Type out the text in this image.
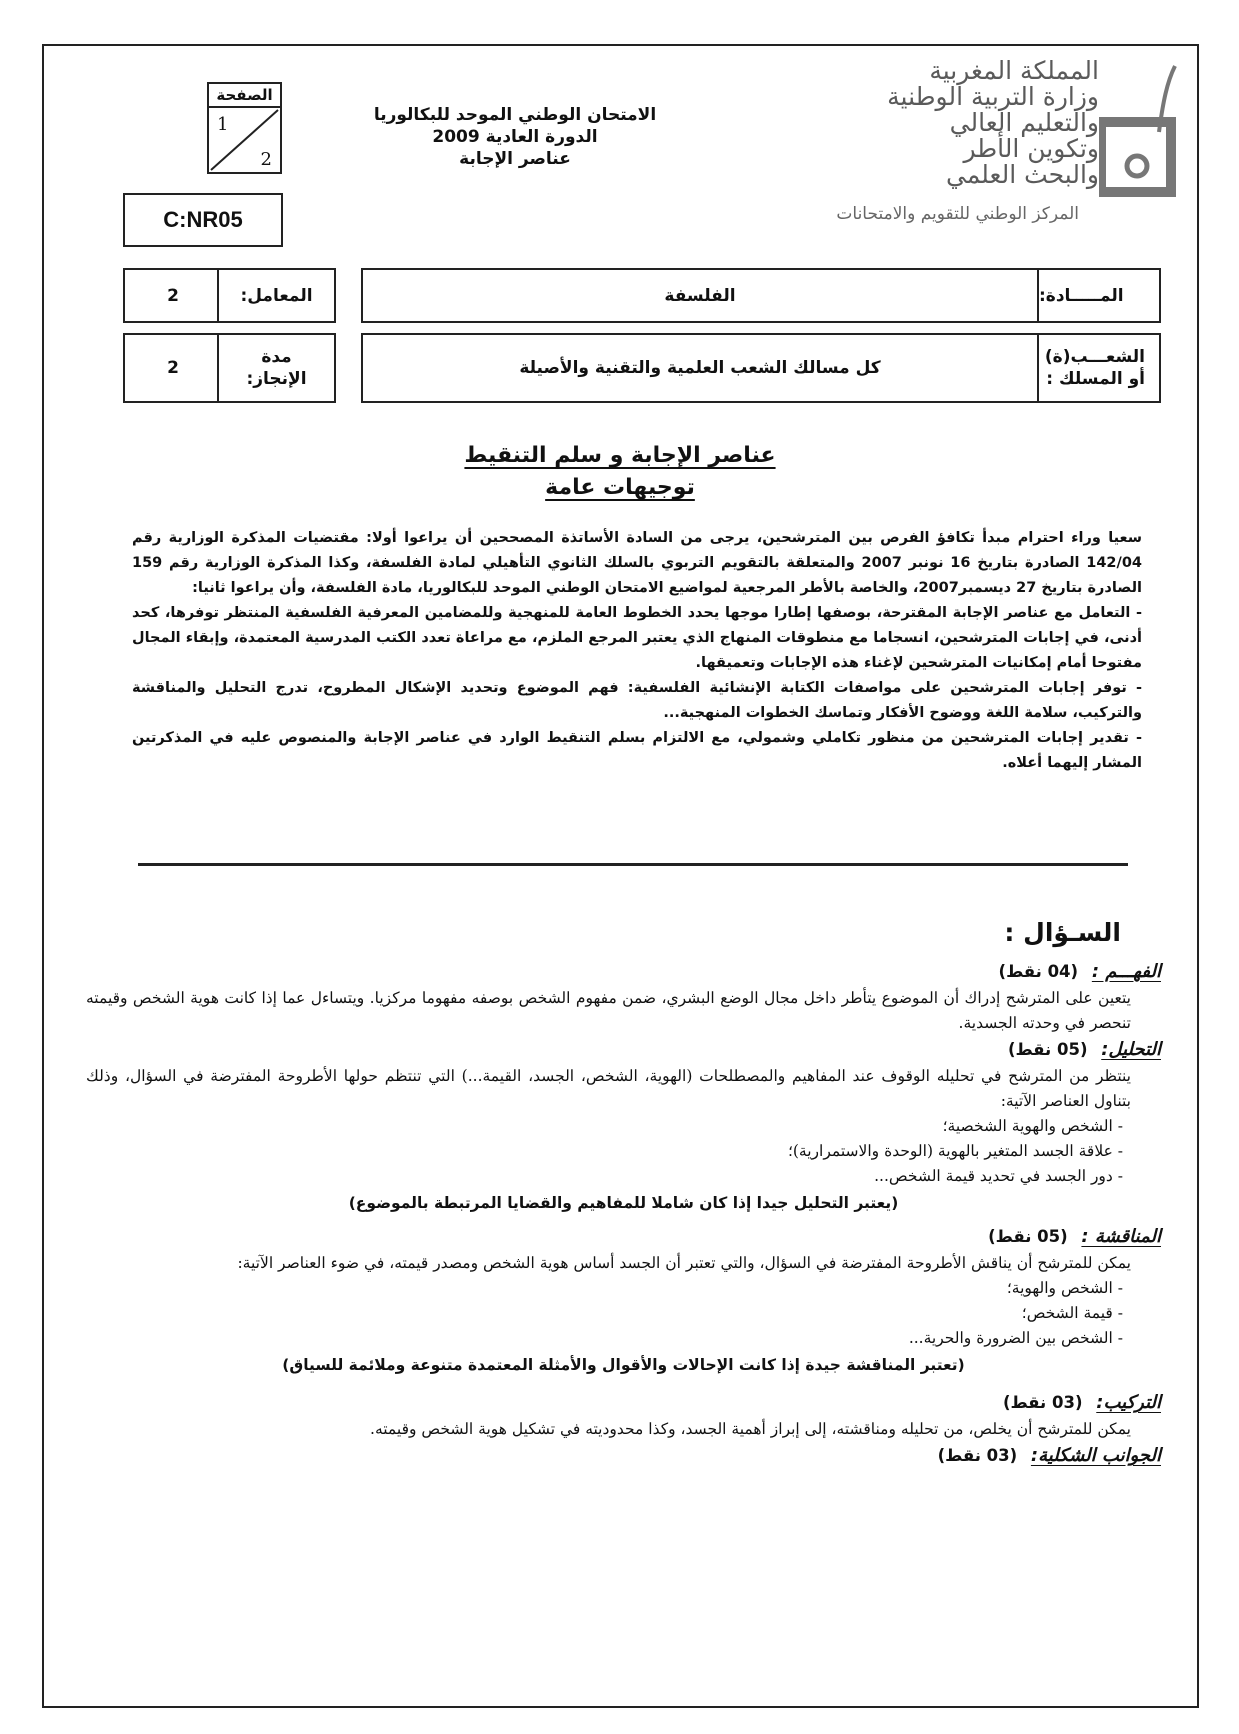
المملكة المغربية
وزارة التربية الوطنية
والتعليم العالي
وتكوين الأطر
والبحث العلمي
المركز الوطني للتقويم والامتحانات
الامتحان الوطني الموحد للبكالوريا
الدورة العادية 2009
عناصر الإجابة
الصفحة
1
2
C:NR05
المـــــادة:
الفلسفة
المعامل:
2
الشعـــب(ة)
أو المسلك :
كل مسالك الشعب العلمية والتقنية والأصيلة
مدة
الإنجاز:
2
عناصر الإجابة و سلم التنقيط
توجيهات عامة

سعيا وراء احترام مبدأ تكافؤ الفرص بين المترشحين، يرجى من السادة الأساتذة المصححين أن يراعوا أولا: مقتضيات المذكرة الوزارية رقم 142/04 الصادرة بتاريخ 16 نونبر 2007 والمتعلقة بالتقويم التربوي بالسلك الثانوي التأهيلي لمادة الفلسفة، وكذا المذكرة الوزارية رقم 159 الصادرة بتاريخ 27 ديسمبر2007، والخاصة بالأطر المرجعية لمواضيع الامتحان الوطني الموحد للبكالوريا، مادة الفلسفة، وأن يراعوا ثانيا:

- التعامل مع عناصر الإجابة المقترحة، بوصفها إطارا موجها يحدد الخطوط العامة للمنهجية وللمضامين المعرفية الفلسفية المنتظر توفرها، كحد أدنى، في إجابات المترشحين، انسجاما مع منطوقات المنهاج الذي يعتبر المرجع الملزم، مع مراعاة تعدد الكتب المدرسية المعتمدة، وإبقاء المجال مفتوحا أمام إمكانيات المترشحين لإغناء هذه الإجابات وتعميقها.

- توفر إجابات المترشحين على مواصفات الكتابة الإنشائية الفلسفية: فهم الموضوع وتحديد الإشكال المطروح، تدرج التحليل والمناقشة والتركيب، سلامة اللغة ووضوح الأفكار وتماسك الخطوات المنهجية...

- تقدير إجابات المترشحين من منظور تكاملي وشمولي، مع الالتزام بسلم التنقيط الوارد في عناصر الإجابة والمنصوص عليه في المذكرتين المشار إليهما أعلاه.

السـؤال :
الفهـــم : (04 نقط)
يتعين على المترشح إدراك أن الموضوع يتأطر داخل مجال الوضع البشري، ضمن مفهوم الشخص بوصفه مفهوما مركزيا. ويتساءل عما إذا كانت هوية الشخص وقيمته تنحصر في وحدته الجسدية.
التحليل: (05 نقط)
ينتظر من المترشح في تحليله الوقوف عند المفاهيم والمصطلحات (الهوية، الشخص، الجسد، القيمة...) التي تنتظم حولها الأطروحة المفترضة في السؤال، وذلك بتناول العناصر الآتية:
- الشخص والهوية الشخصية؛
- علاقة الجسد المتغير بالهوية (الوحدة والاستمرارية)؛
- دور الجسد في تحديد قيمة الشخص...
(يعتبر التحليل جيدا إذا كان شاملا للمفاهيم والقضايا المرتبطة بالموضوع)
المناقشة : (05 نقط)
يمكن للمترشح أن يناقش الأطروحة المفترضة في السؤال، والتي تعتبر أن الجسد أساس هوية الشخص ومصدر قيمته، في ضوء العناصر الآتية:
- الشخص والهوية؛
- قيمة الشخص؛
- الشخص بين الضرورة والحرية...
(تعتبر المناقشة جيدة إذا كانت الإحالات والأقوال والأمثلة المعتمدة متنوعة وملائمة للسياق)
التركيب: (03 نقط)
يمكن للمترشح أن يخلص، من تحليله ومناقشته، إلى إبراز أهمية الجسد، وكذا محدوديته في تشكيل هوية الشخص وقيمته.
الجوانب الشكلية: (03 نقط)
